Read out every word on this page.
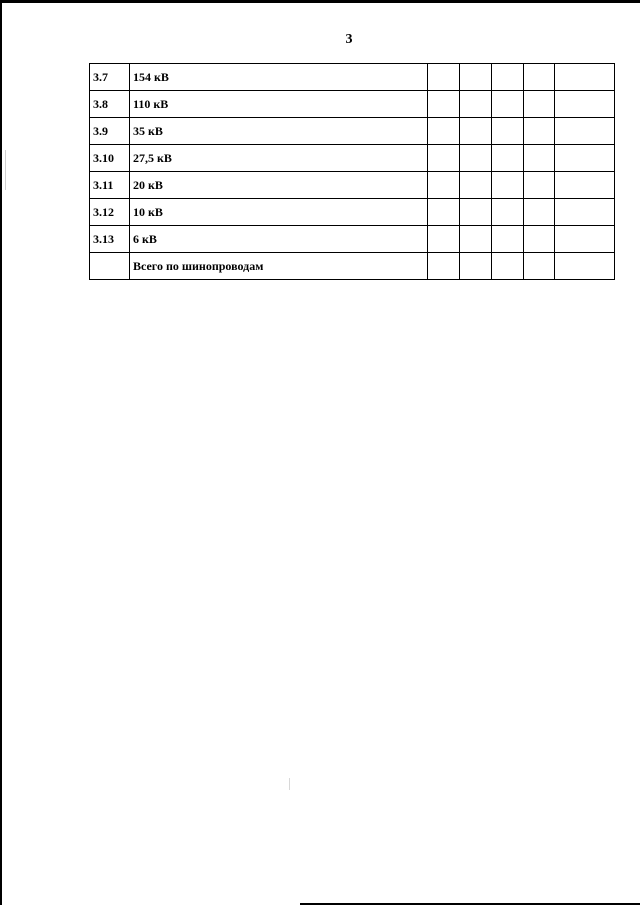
3
3.7	154 кВ					
3.8	110 кВ					
3.9	35 кВ					
3.10	27,5 кВ					
3.11	20 кВ					
3.12	10 кВ					
3.13	6 кВ					
	Всего по шинопроводам					
